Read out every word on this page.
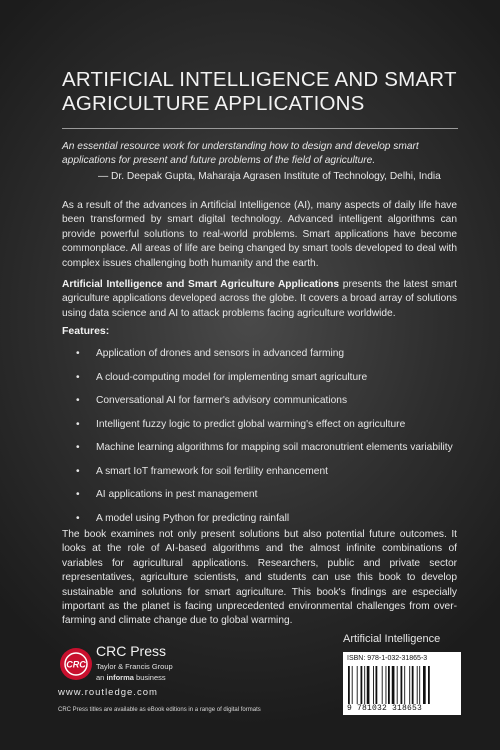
ARTIFICIAL INTELLIGENCE AND SMART AGRICULTURE APPLICATIONS
An essential resource work for understanding how to design and develop smart applications for present and future problems of the field of agriculture.
— Dr. Deepak Gupta, Maharaja Agrasen Institute of Technology, Delhi, India

As a result of the advances in Artificial Intelligence (AI), many aspects of daily life have been transformed by smart digital technology. Advanced intelligent algorithms can provide powerful solutions to real-world problems. Smart applications have become commonplace. All areas of life are being changed by smart tools developed to deal with complex issues challenging both humanity and the earth.

Artificial Intelligence and Smart Agriculture Applications presents the latest smart agriculture applications developed across the globe. It covers a broad array of solutions using data science and AI to attack problems facing agriculture worldwide.

Features:
• Application of drones and sensors in advanced farming
• A cloud-computing model for implementing smart agriculture
• Conversational AI for farmer's advisory communications
• Intelligent fuzzy logic to predict global warming's effect on agriculture
• Machine learning algorithms for mapping soil macronutrient elements variability
• A smart IoT framework for soil fertility enhancement
• AI applications in pest management
• A model using Python for predicting rainfall

The book examines not only present solutions but also potential future outcomes. It looks at the role of AI-based algorithms and the almost infinite combinations of variables for agricultural applications. Researchers, public and private sector representatives, agriculture scientists, and students can use this book to develop sustainable and solutions for smart agriculture. This book's findings are especially important as the planet is facing unprecedented environmental challenges from over-farming and climate change due to global warming.

Artificial Intelligence
CRC
CRC Press
Taylor & Francis Group
an informa business
www.routledge.com
CRC Press titles are available as eBook editions in a range of digital formats
ISBN: 978-1-032-31865-3
9 781032 318653
